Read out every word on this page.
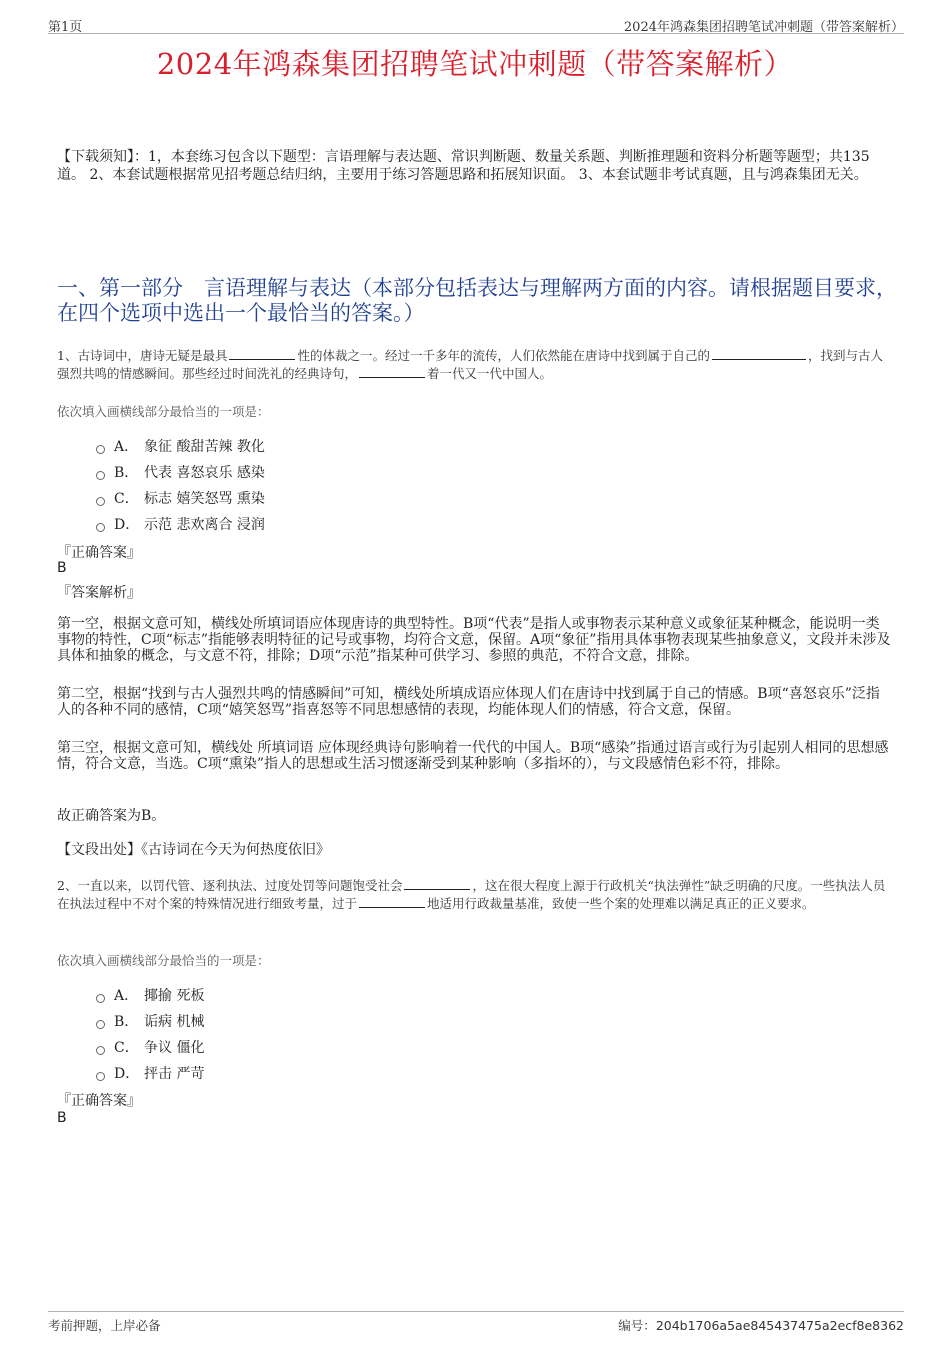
第1页	2024年鸿森集团招聘笔试冲刺题（带答案解析）
2024年鸿森集团招聘笔试冲刺题（带答案解析）
【下载须知】：1，本套练习包含以下题型：言语理解与表达题、常识判断题、数量关系题、判断推理题和资料分析题等题型；共135道。 2、本套试题根据常见招考题总结归纳，主要用于练习答题思路和拓展知识面。 3、本套试题非考试真题，且与鸿森集团无关。
一、第一部分　言语理解与表达（本部分包括表达与理解两方面的内容。请根据题目要求，在四个选项中选出一个最恰当的答案。）
1、古诗词中，唐诗无疑是最具	性的体裁之一。经过一千多年的流传，人们依然能在唐诗中找到属于自己的	，找到与古人强烈共鸣的情感瞬间。那些经过时间洗礼的经典诗句，	着一代又一代中国人。
依次填入画横线部分最恰当的一项是：
A． 象征 酸甜苦辣 教化
B． 代表 喜怒哀乐 感染
C． 标志 嬉笑怒骂 熏染
D． 示范 悲欢离合 浸润
『正确答案』
B
『答案解析』
第一空，根据文意可知，横线处所填词语应体现唐诗的典型特性。B项“代表”是指人或事物表示某种意义或象征某种概念，能说明一类事物的特性，C项“标志”指能够表明特征的记号或事物，均符合文意，保留。A项“象征”指用具体事物表现某些抽象意义，文段并未涉及具体和抽象的概念，与文意不符，排除；D项“示范”指某种可供学习、参照的典范，不符合文意，排除。
第二空，根据“找到与古人强烈共鸣的情感瞬间”可知，横线处所填成语应体现人们在唐诗中找到属于自己的情感。B项“喜怒哀乐”泛指人的各种不同的感情，C项“嬉笑怒骂”指喜怒等不同思想感情的表现，均能体现人们的情感，符合文意，保留。
第三空，根据文意可知，横线处 所填词语 应体现经典诗句影响着一代代的中国人。B项“感染”指通过语言或行为引起别人相同的思想感情，符合文意，当选。C项“熏染”指人的思想或生活习惯逐渐受到某种影响（多指坏的），与文段感情色彩不符，排除。
故正确答案为B。
【文段出处】《古诗词在今天为何热度依旧》
2、一直以来，以罚代管、逐利执法、过度处罚等问题饱受社会	，这在很大程度上源于行政机关“执法弹性”缺乏明确的尺度。一些执法人员在执法过程中不对个案的特殊情况进行细致考量，过于	地适用行政裁量基准，致使一些个案的处理难以满足真正的正义要求。
依次填入画横线部分最恰当的一项是：
A． 揶揄 死板
B． 诟病 机械
C． 争议 僵化
D． 抨击 严苛
『正确答案』
B
考前押题，上岸必备	编号：204b1706a5ae845437475a2ecf8e8362
